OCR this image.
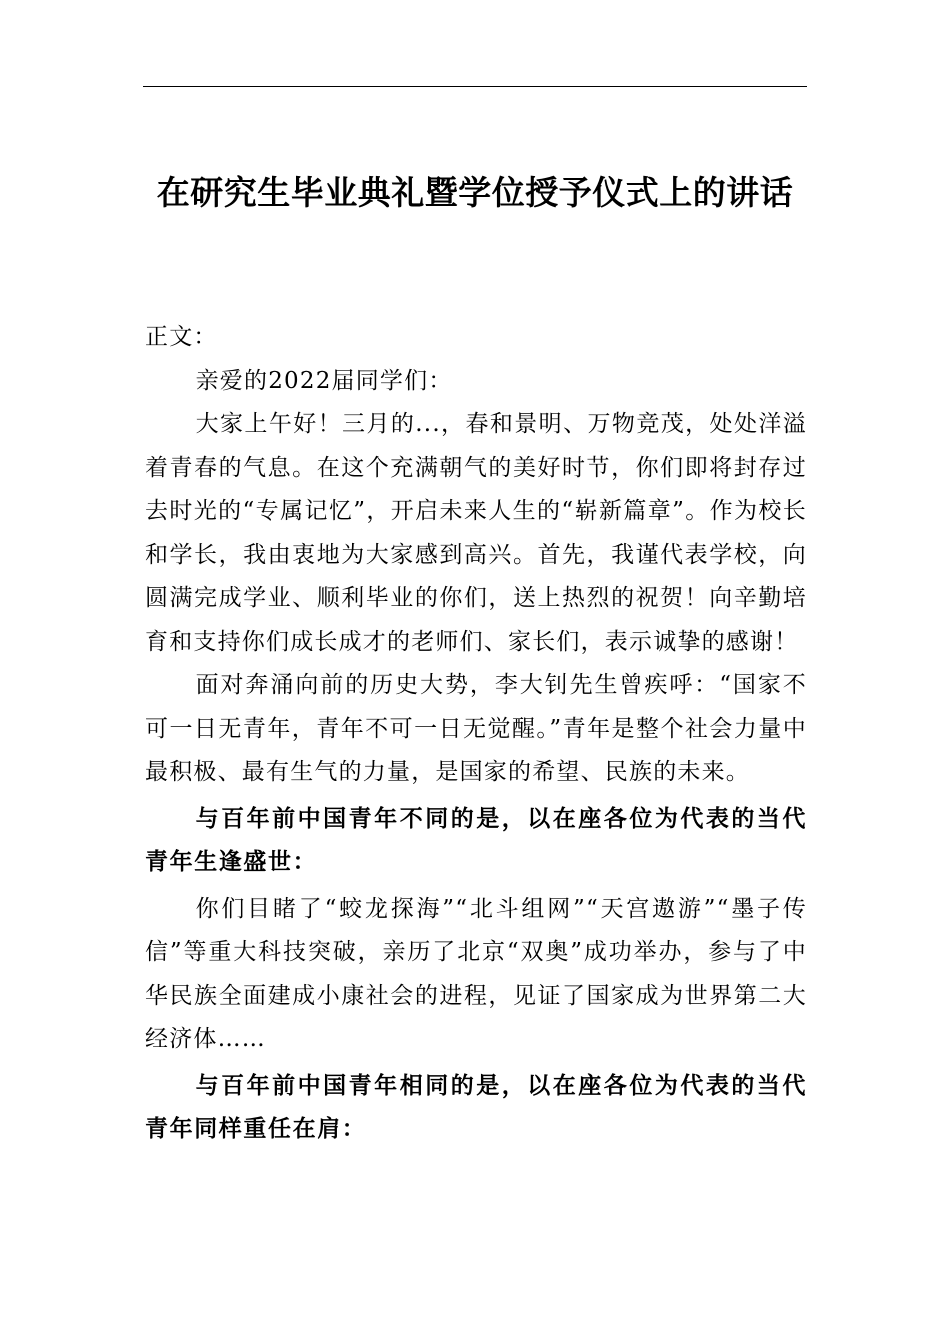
在研究生毕业典礼暨学位授予仪式上的讲话

正文：

亲爱的2022届同学们：

大家上午好！三月的...，春和景明、万物竞茂，处处洋溢着青春的气息。在这个充满朝气的美好时节，你们即将封存过去时光的“专属记忆”，开启未来人生的“崭新篇章”。作为校长和学长，我由衷地为大家感到高兴。首先，我谨代表学校，向圆满完成学业、顺利毕业的你们，送上热烈的祝贺！向辛勤培育和支持你们成长成才的老师们、家长们，表示诚挚的感谢！

面对奔涌向前的历史大势，李大钊先生曾疾呼：“国家不可一日无青年，青年不可一日无觉醒。”青年是整个社会力量中最积极、最有生气的力量，是国家的希望、民族的未来。

与百年前中国青年不同的是，以在座各位为代表的当代青年生逢盛世：

你们目睹了“蛟龙探海”“北斗组网”“天宫遨游”“墨子传信”等重大科技突破，亲历了北京“双奥”成功举办，参与了中华民族全面建成小康社会的进程，见证了国家成为世界第二大经济体……

与百年前中国青年相同的是，以在座各位为代表的当代青年同样重任在肩：
